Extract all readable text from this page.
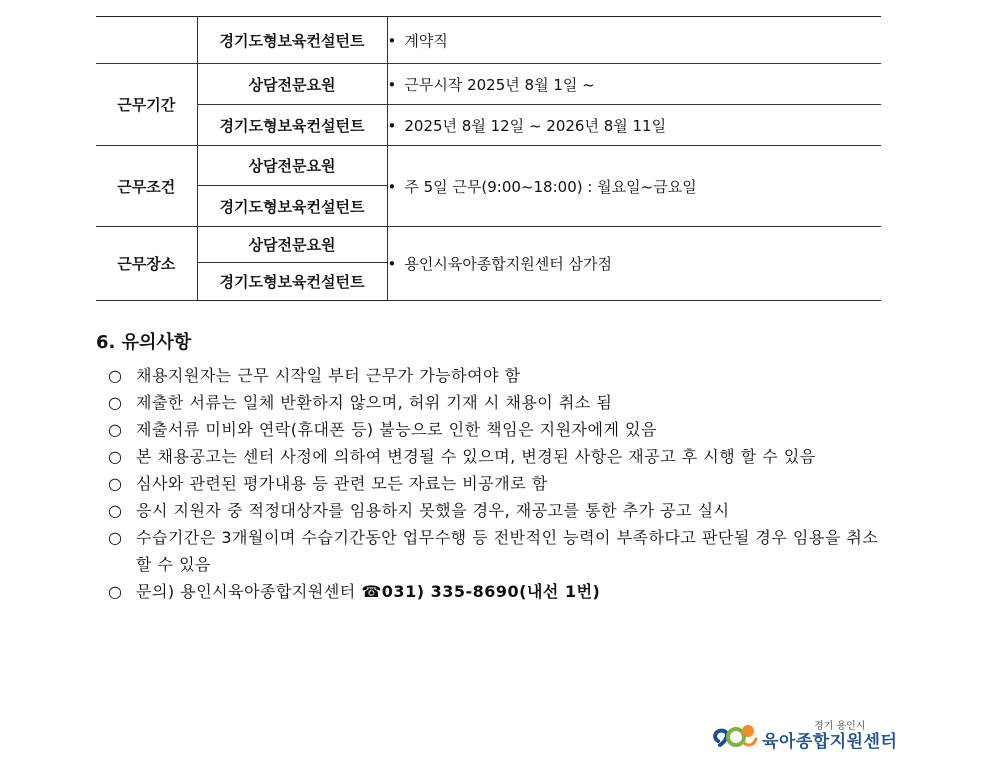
	경기도형보육컨설턴트	• 계약직
근무기간	상담전문요원	• 근무시작 2025년 8월 1일 ~
	경기도형보육컨설턴트	• 2025년 8월 12일 ~ 2026년 8월 11일
근무조건	상담전문요원	• 주 5일 근무(9:00~18:00) : 월요일~금요일
	경기도형보육컨설턴트	
근무장소	상담전문요원	• 용인시육아종합지원센터 삼가점
	경기도형보육컨설턴트	
6. 유의사항
○ 채용지원자는 근무 시작일 부터 근무가 가능하여야 함
○ 제출한 서류는 일체 반환하지 않으며, 허위 기재 시 채용이 취소 됨
○ 제출서류 미비와 연락(휴대폰 등) 불능으로 인한 책임은 지원자에게 있음
○ 본 채용공고는 센터 사정에 의하여 변경될 수 있으며, 변경된 사항은 재공고 후 시행 할 수 있음
○ 심사와 관련된 평가내용 등 관련 모든 자료는 비공개로 함
○ 응시 지원자 중 적정대상자를 임용하지 못했을 경우, 재공고를 통한 추가 공고 실시
○ 수습기간은 3개월이며 수습기간동안 업무수행 등 전반적인 능력이 부족하다고 판단될 경우 임용을 취소할 수 있음
○ 문의) 용인시육아종합지원센터 ☎031) 335-8690(내선 1번)
경기 용인시
육아종합지원센터
